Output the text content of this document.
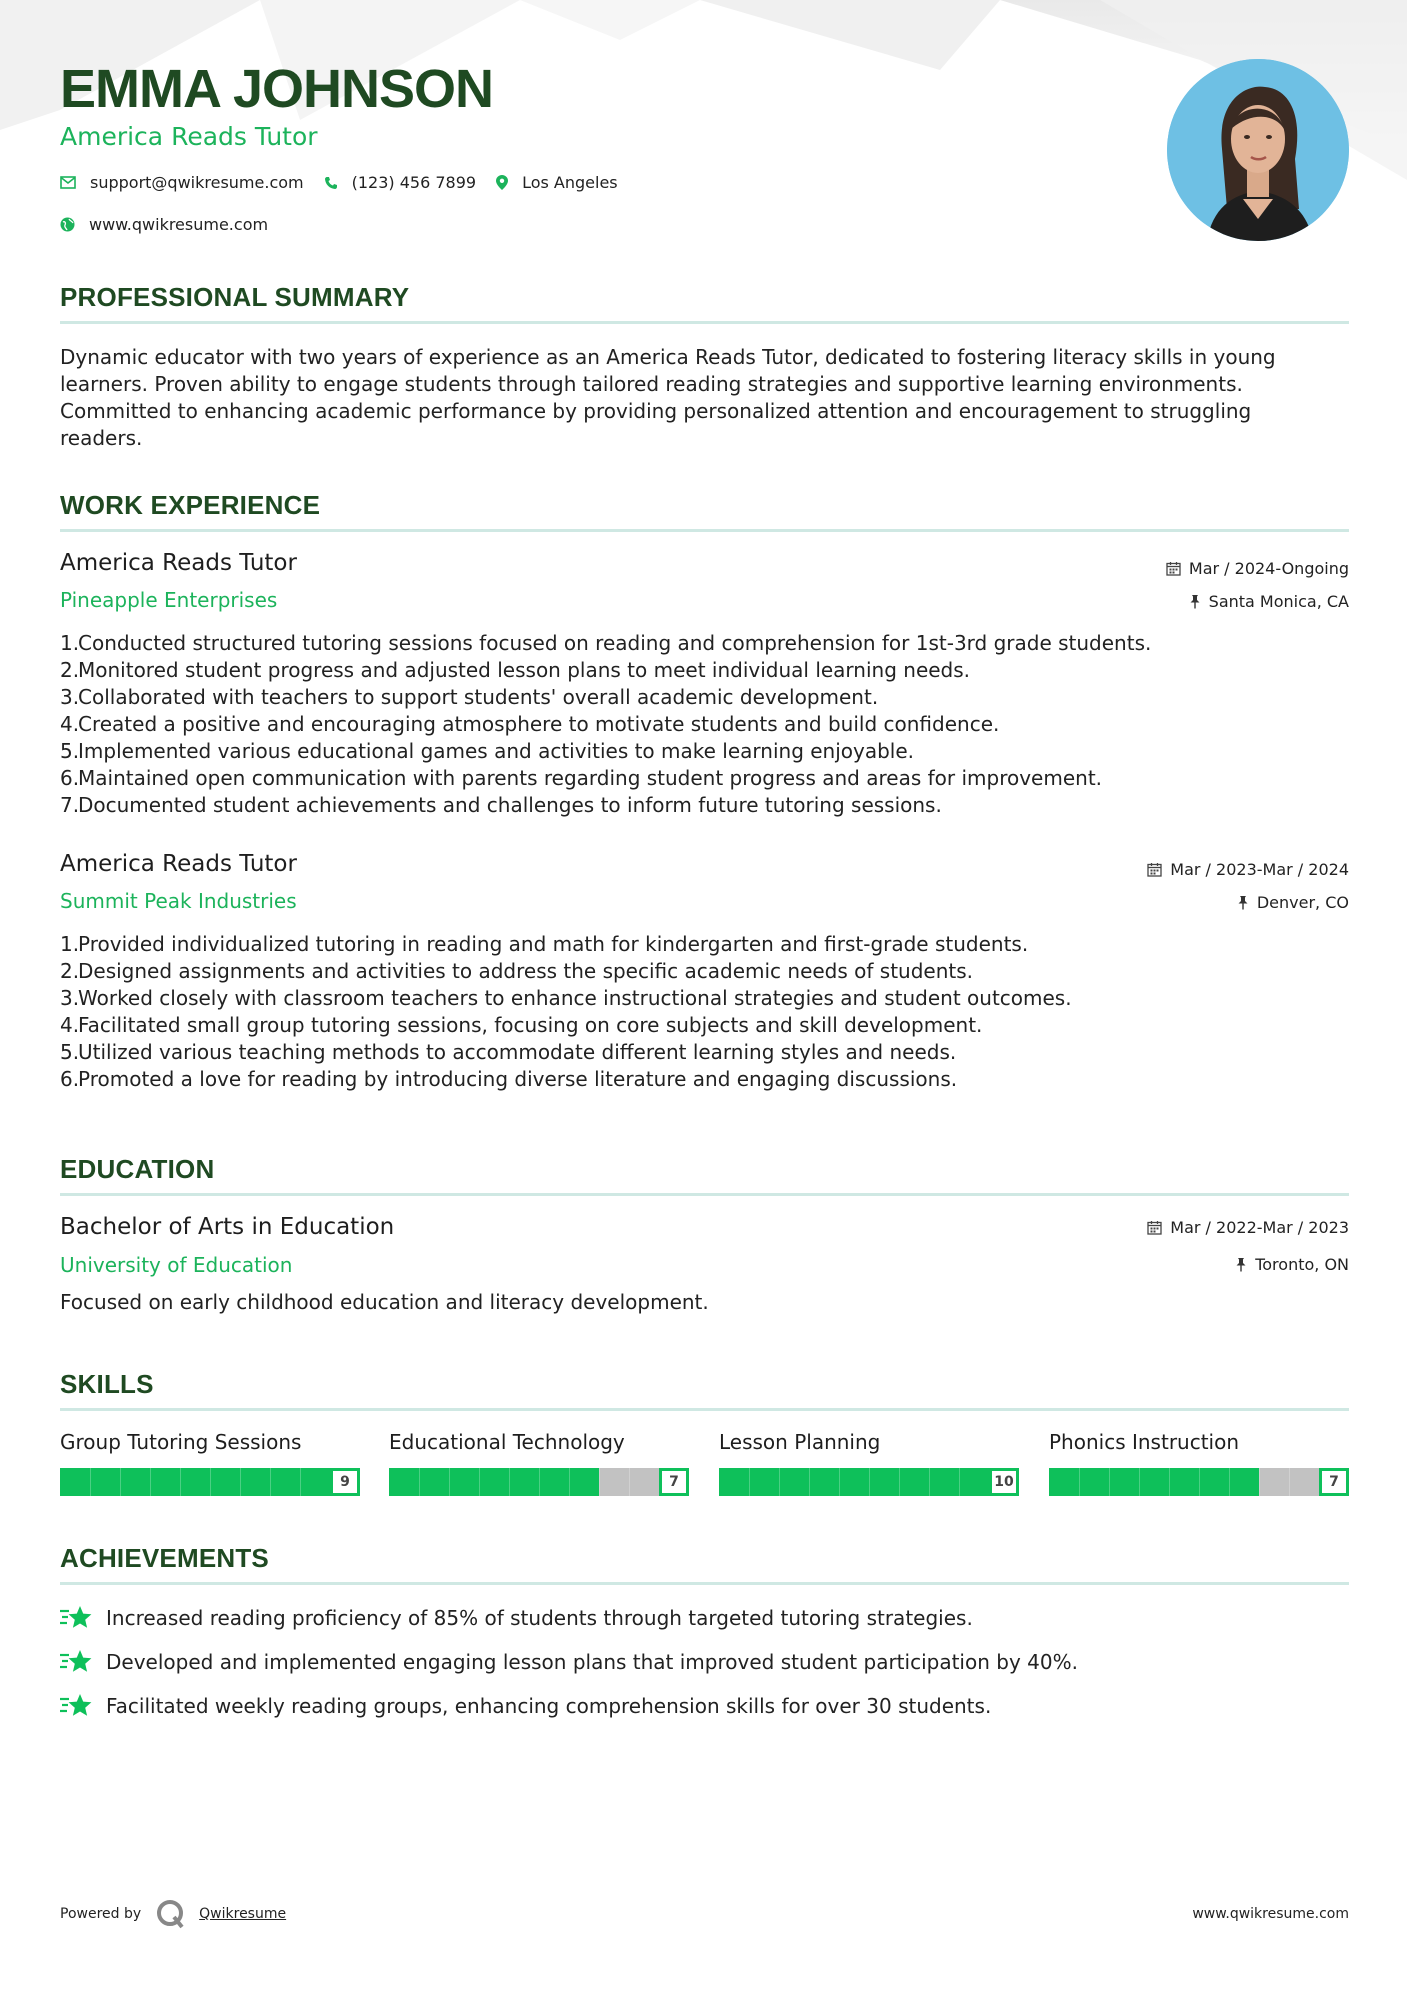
EMMA JOHNSON
America Reads Tutor
support@qwikresume.com	(123) 456 7899	Los Angeles
www.qwikresume.com
PROFESSIONAL SUMMARY
Dynamic educator with two years of experience as an America Reads Tutor, dedicated to fostering literacy skills in young
learners. Proven ability to engage students through tailored reading strategies and supportive learning environments.
Committed to enhancing academic performance by providing personalized attention and encouragement to struggling
readers.
WORK EXPERIENCE
America Reads Tutor	Mar / 2024-Ongoing
Pineapple Enterprises	Santa Monica, CA
1.Conducted structured tutoring sessions focused on reading and comprehension for 1st-3rd grade students.
2.Monitored student progress and adjusted lesson plans to meet individual learning needs.
3.Collaborated with teachers to support students' overall academic development.
4.Created a positive and encouraging atmosphere to motivate students and build confidence.
5.Implemented various educational games and activities to make learning enjoyable.
6.Maintained open communication with parents regarding student progress and areas for improvement.
7.Documented student achievements and challenges to inform future tutoring sessions.
America Reads Tutor	Mar / 2023-Mar / 2024
Summit Peak Industries	Denver, CO
1.Provided individualized tutoring in reading and math for kindergarten and first-grade students.
2.Designed assignments and activities to address the specific academic needs of students.
3.Worked closely with classroom teachers to enhance instructional strategies and student outcomes.
4.Facilitated small group tutoring sessions, focusing on core subjects and skill development.
5.Utilized various teaching methods to accommodate different learning styles and needs.
6.Promoted a love for reading by introducing diverse literature and engaging discussions.
EDUCATION
Bachelor of Arts in Education	Mar / 2022-Mar / 2023
University of Education	Toronto, ON
Focused on early childhood education and literacy development.
SKILLS
Group Tutoring Sessions
9
Educational Technology
7
Lesson Planning
10
Phonics Instruction
7
ACHIEVEMENTS
Increased reading proficiency of 85% of students through targeted tutoring strategies.
Developed and implemented engaging lesson plans that improved student participation by 40%.
Facilitated weekly reading groups, enhancing comprehension skills for over 30 students.
Powered by	Qwikresume	www.qwikresume.com
